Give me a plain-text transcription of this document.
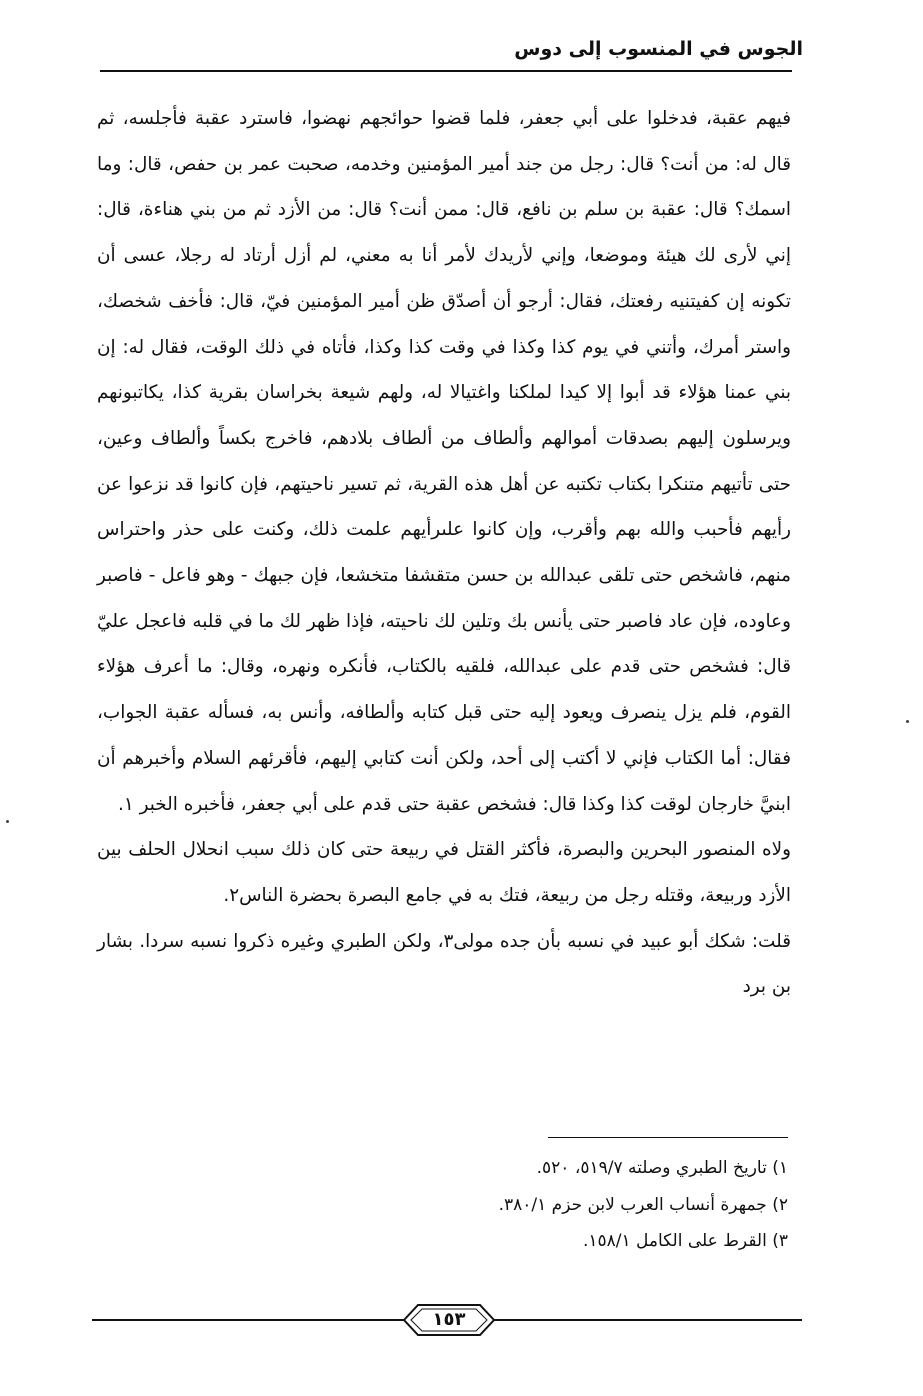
الجوس في المنسوب إلى دوس

فيهم عقبة، فدخلوا على أبي جعفر، فلما قضوا حوائجهم نهضوا، فاسترد عقبة فأجلسه، ثم قال له: من أنت؟ قال: رجل من جند أمير المؤمنين وخدمه، صحبت عمر بن حفص، قال: وما اسمك؟ قال: عقبة بن سلم بن نافع، قال: ممن أنت؟ قال: من الأزد ثم من بني هناءة، قال: إني لأرى لك هيئة وموضعا، وإني لأريدك لأمر أنا به معني، لم أزل أرتاد له رجلا، عسى أن تكونه إن كفيتنيه رفعتك، فقال: أرجو أن أصدّق ظن أمير المؤمنين فيّ، قال: فأخف شخصك، واستر أمرك، وأتني في يوم كذا وكذا في وقت كذا وكذا، فأتاه في ذلك الوقت، فقال له: إن بني عمنا هؤلاء قد أبوا إلا كيدا لملكنا واغتيالا له، ولهم شيعة بخراسان بقرية كذا، يكاتبونهم ويرسلون إليهم بصدقات أموالهم وألطاف من ألطاف بلادهم، فاخرج بكساً وألطاف وعين، حتى تأتيهم متنكرا بكتاب تكتبه عن أهل هذه القرية، ثم تسير ناحيتهم، فإن كانوا قد نزعوا عن رأيهم فأحبب والله بهم وأقرب، وإن كانوا علىرأيهم علمت ذلك، وكنت على حذر واحتراس منهم، فاشخص حتى تلقى عبدالله بن حسن متقشفا متخشعا، فإن جبهك - وهو فاعل - فاصبر وعاوده، فإن عاد فاصبر حتى يأنس بك وتلين لك ناحيته، فإذا ظهر لك ما في قلبه فاعجل عليّ قال: فشخص حتى قدم على عبدالله، فلقيه بالكتاب، فأنكره ونهره، وقال: ما أعرف هؤلاء القوم، فلم يزل ينصرف ويعود إليه حتى قبل كتابه وألطافه، وأنس به، فسأله عقبة الجواب، فقال: أما الكتاب فإني لا أكتب إلى أحد، ولكن أنت كتابي إليهم، فأقرئهم السلام وأخبرهم أن ابنيَّ خارجان لوقت كذا وكذا قال: فشخص عقبة حتى قدم على أبي جعفر، فأخبره الخبر ١.

ولاه المنصور البحرين والبصرة، فأكثر القتل في ربيعة حتى كان ذلك سبب انحلال الحلف بين الأزد وربيعة، وقتله رجل من ربيعة، فتك به في جامع البصرة بحضرة الناس٢.

قلت: شكك أبو عبيد في نسبه بأن جده مولى٣، ولكن الطبري وغيره ذكروا نسبه سردا. بشار بن برد

١) تاريخ الطبري وصلته ٥١٩/٧، ٥٢٠.

٢) جمهرة أنساب العرب لابن حزم ٣٨٠/١.

٣) القرط على الكامل ١٥٨/١.

١٥٣
